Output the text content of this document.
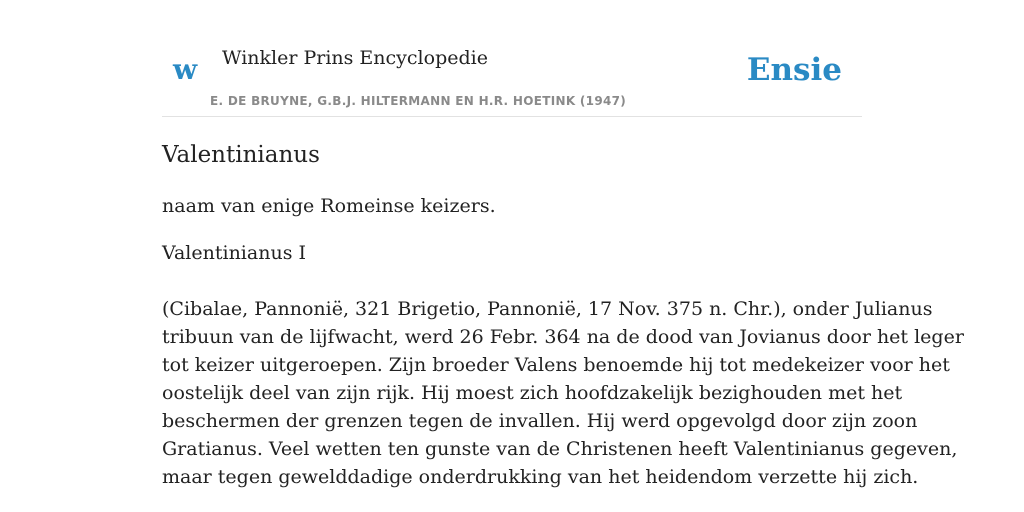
w Winkler Prins Encyclopedie
E. DE BRUYNE, G.B.J. HILTERMANN EN H.R. HOETINK (1947)
Ensie
Valentinianus

naam van enige Romeinse keizers.

Valentinianus I

(Cibalae, Pannonië, 321 Brigetio, Pannonië, 17 Nov. 375 n. Chr.), onder Julianus
tribuun van de lijfwacht, werd 26 Febr. 364 na de dood van Jovianus door het leger
tot keizer uitgeroepen. Zijn broeder Valens benoemde hij tot medekeizer voor het
oostelijk deel van zijn rijk. Hij moest zich hoofdzakelijk bezighouden met het
beschermen der grenzen tegen de invallen. Hij werd opgevolgd door zijn zoon
Gratianus. Veel wetten ten gunste van de Christenen heeft Valentinianus gegeven,
maar tegen gewelddadige onderdrukking van het heidendom verzette hij zich.
